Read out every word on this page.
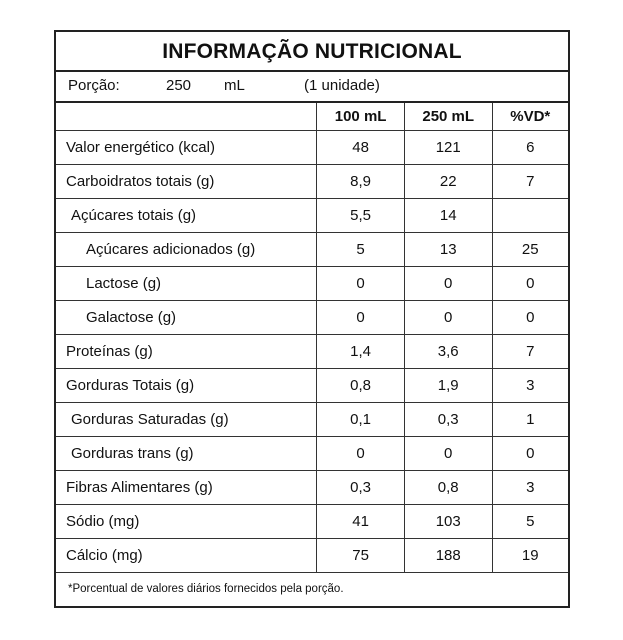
INFORMAÇÃO NUTRICIONAL
Porção:	250 mL	(1 unidade)
	100 mL	250 mL	%VD*
Valor energético (kcal)	48	121	6
Carboidratos totais (g)	8,9	22	7
Açúcares totais (g)	5,5	14	
Açúcares adicionados (g)	5	13	25
Lactose (g)	0	0	0
Galactose (g)	0	0	0
Proteínas (g)	1,4	3,6	7
Gorduras Totais (g)	0,8	1,9	3
Gorduras Saturadas (g)	0,1	0,3	1
Gorduras trans (g)	0	0	0
Fibras Alimentares (g)	0,3	0,8	3
Sódio (mg)	41	103	5
Cálcio (mg)	75	188	19
*Porcentual de valores diários fornecidos pela porção.
